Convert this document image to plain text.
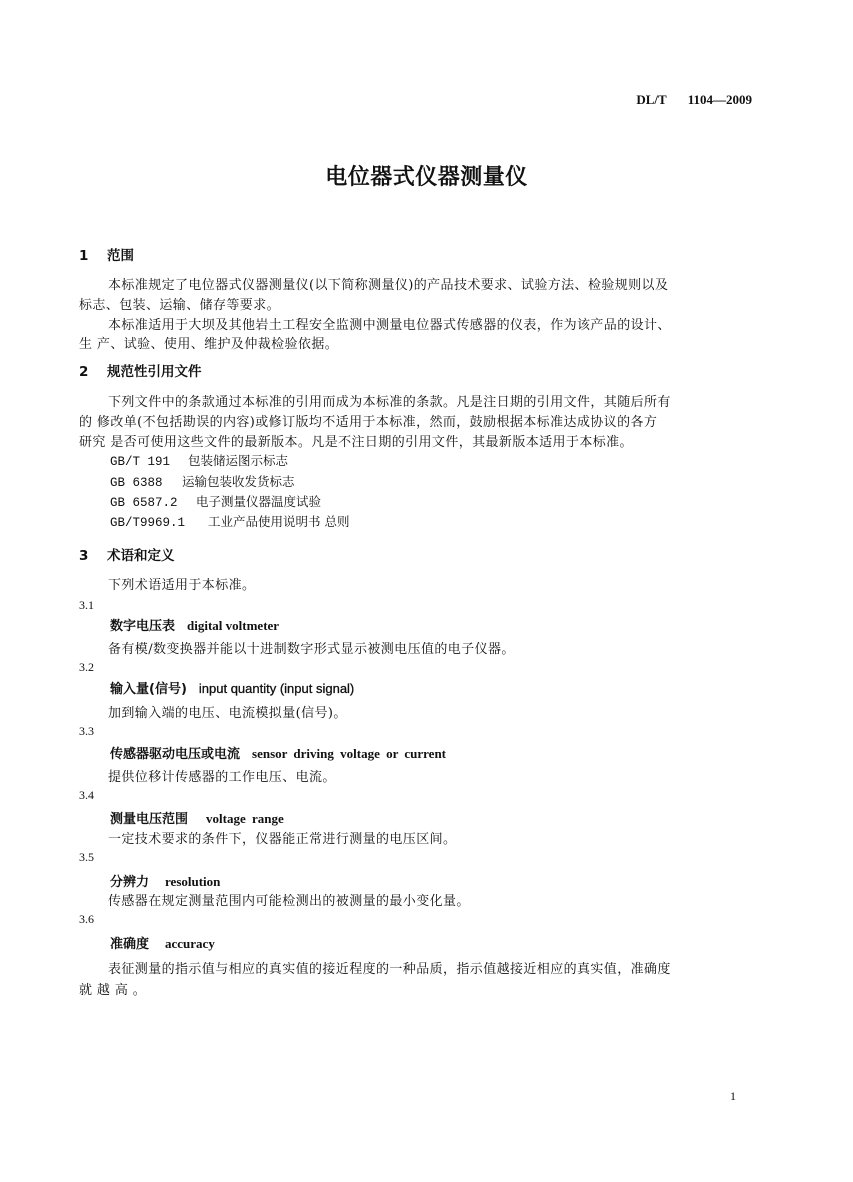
DL/T 1104—2009
电位器式仪器测量仪
1 范围
本标准规定了电位器式仪器测量仪(以下简称测量仪)的产品技术要求、试验方法、检验规则以及
标志、包装、运输、储存等要求。
本标准适用于大坝及其他岩土工程安全监测中测量电位器式传感器的仪表，作为该产品的设计、
生 产、试验、使用、维护及仲裁检验依据。
2 规范性引用文件
下列文件中的条款通过本标准的引用而成为本标准的条款。凡是注日期的引用文件，其随后所有
的 修改单(不包括勘误的内容)或修订版均不适用于本标准，然而，鼓励根据本标准达成协议的各方
研究 是否可使用这些文件的最新版本。凡是不注日期的引用文件，其最新版本适用于本标准。
GB/T 191 包装储运图示标志
GB 6388 运输包装收发货标志
GB 6587.2 电子测量仪器温度试验
GB/T9969.1 工业产品使用说明书 总则
3 术语和定义
下列术语适用于本标准。
3.1
数字电压表 digital voltmeter
备有模/数变换器并能以十进制数字形式显示被测电压值的电子仪器。
3.2
输入量(信号) input quantity (input signal)
加到输入端的电压、电流模拟量(信号)。
3.3
传感器驱动电压或电流 sensor driving voltage or current
提供位移计传感器的工作电压、电流。
3.4
测量电压范围 voltage range
一定技术要求的条件下，仪器能正常进行测量的电压区间。
3.5
分辨力 resolution
传感器在规定测量范围内可能检测出的被测量的最小变化量。
3.6
准确度 accuracy
表征测量的指示值与相应的真实值的接近程度的一种品质，指示值越接近相应的真实值，准确度
就 越 高 。
1
